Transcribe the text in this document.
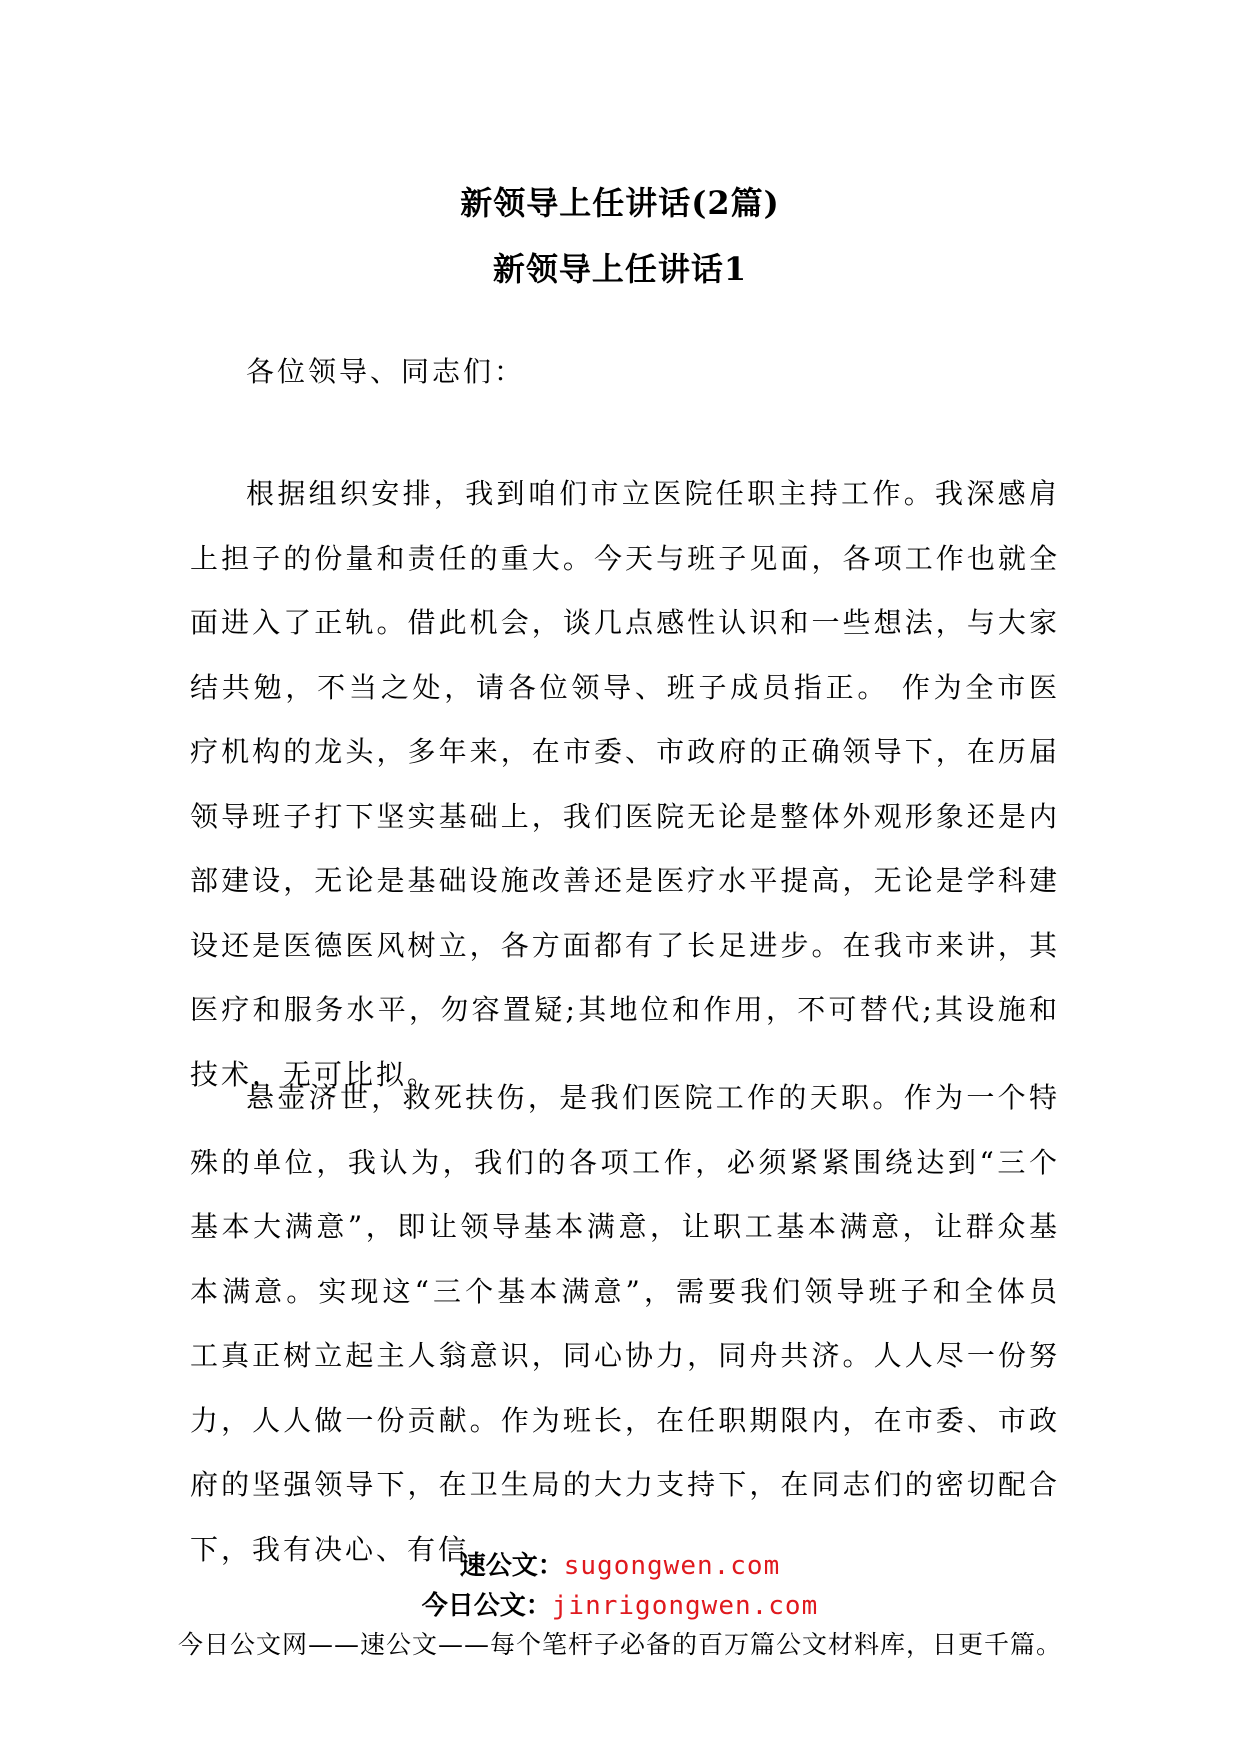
新领导上任讲话(2篇)
新领导上任讲话1

各位领导、同志们：

根据组织安排，我到咱们市立医院任职主持工作。我深感肩上担子的份量和责任的重大。今天与班子见面，各项工作也就全面进入了正轨。借此机会，谈几点感性认识和一些想法，与大家结共勉，不当之处，请各位领导、班子成员指正。 作为全市医疗机构的龙头，多年来，在市委、市政府的正确领导下，在历届领导班子打下坚实基础上，我们医院无论是整体外观形象还是内部建设，无论是基础设施改善还是医疗水平提高，无论是学科建设还是医德医风树立，各方面都有了长足进步。在我市来讲，其医疗和服务水平，勿容置疑;其地位和作用，不可替代;其设施和技术，无可比拟。

悬壶济世，救死扶伤，是我们医院工作的天职。作为一个特殊的单位，我认为，我们的各项工作，必须紧紧围绕达到“三个基本大满意”，即让领导基本满意，让职工基本满意，让群众基本满意。实现这“三个基本满意”，需要我们领导班子和全体员工真正树立起主人翁意识，同心协力，同舟共济。人人尽一份努力，人人做一份贡献。作为班长，在任职期限内，在市委、市政府的坚强领导下，在卫生局的大力支持下，在同志们的密切配合下，我有决心、有信

速公文：sugongwen.com
今日公文：jinrigongwen.com
今日公文网——速公文——每个笔杆子必备的百万篇公文材料库，日更千篇。
